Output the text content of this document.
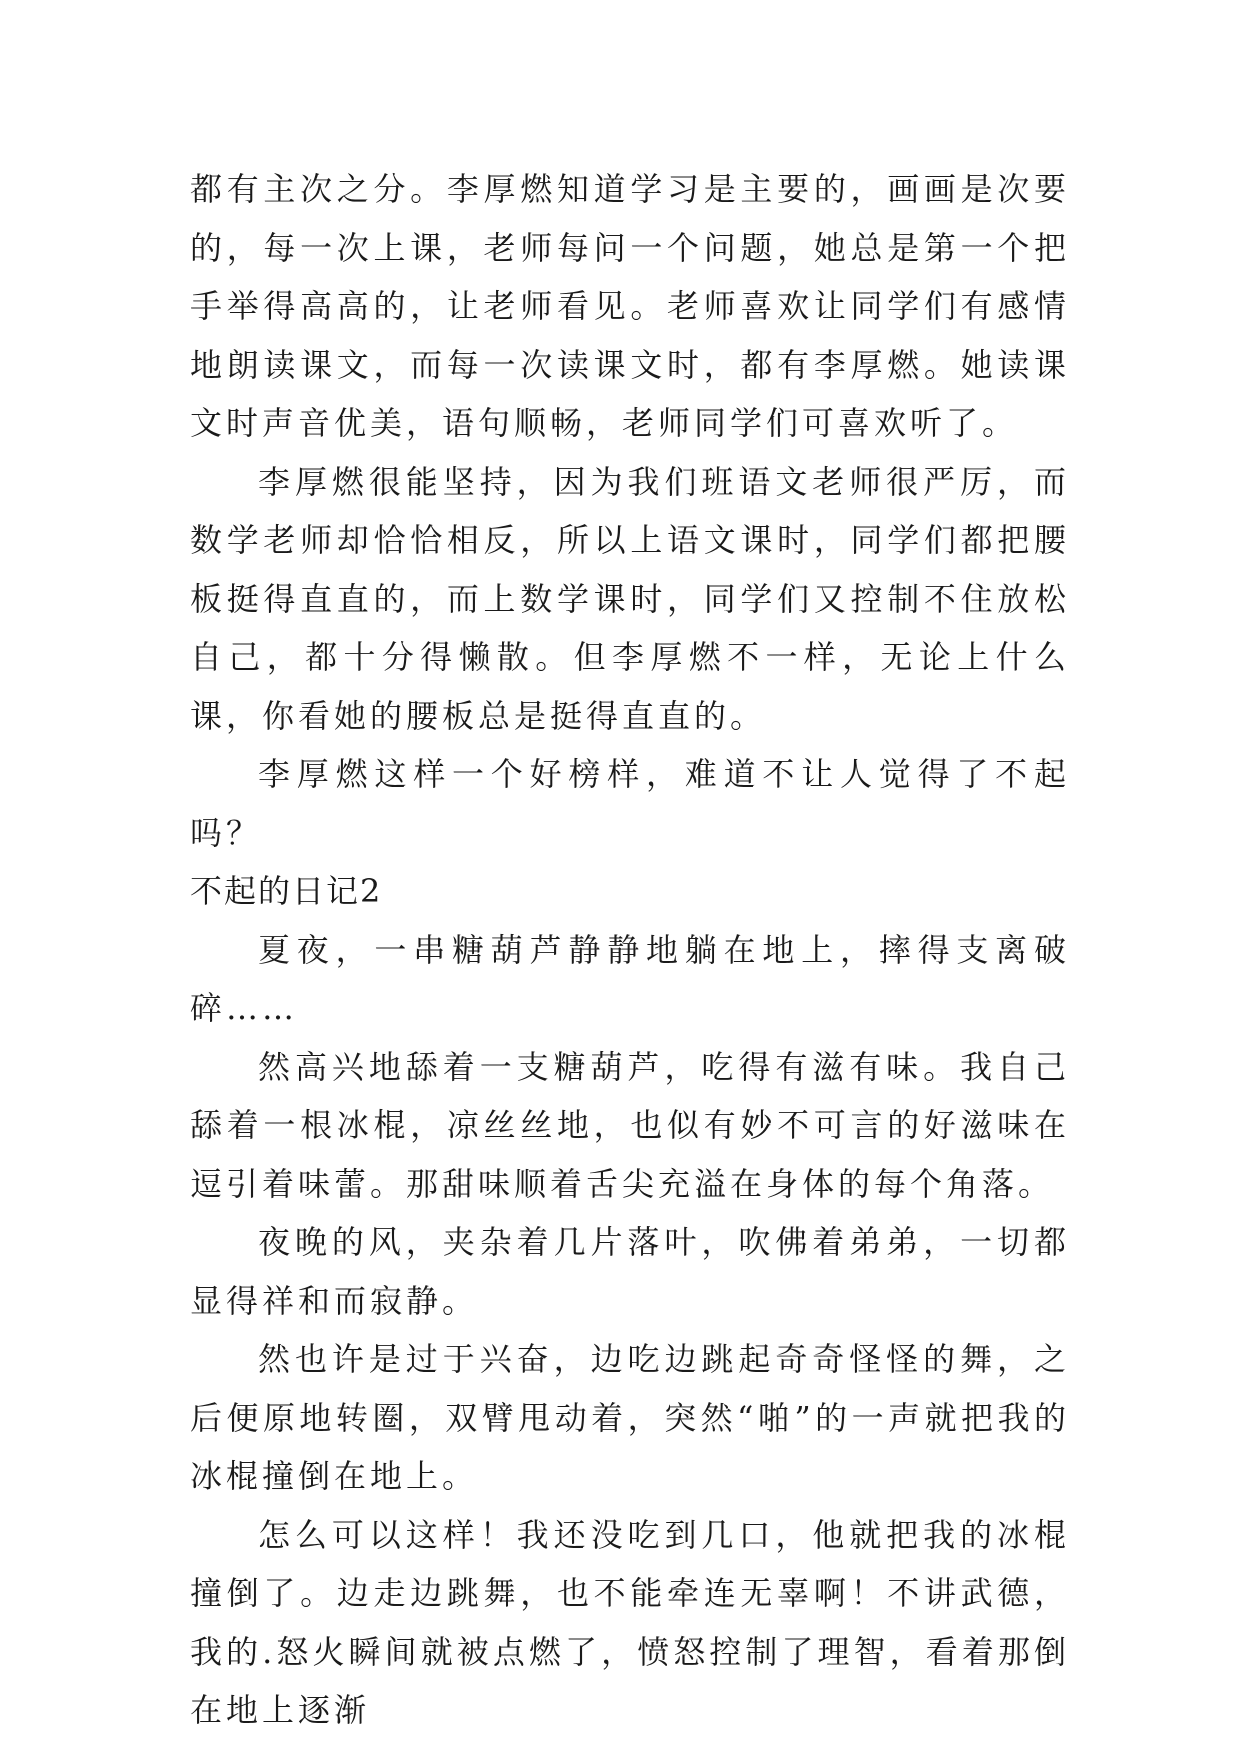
都有主次之分。李厚燃知道学习是主要的，画画是次要的，每一次上课，老师每问一个问题，她总是第一个把手举得高高的，让老师看见。老师喜欢让同学们有感情地朗读课文，而每一次读课文时，都有李厚燃。她读课文时声音优美，语句顺畅，老师同学们可喜欢听了。

李厚燃很能坚持，因为我们班语文老师很严厉，而数学老师却恰恰相反，所以上语文课时，同学们都把腰板挺得直直的，而上数学课时，同学们又控制不住放松自己，都十分得懒散。但李厚燃不一样，无论上什么课，你看她的腰板总是挺得直直的。

李厚燃这样一个好榜样，难道不让人觉得了不起吗？

不起的日记2

夏夜，一串糖葫芦静静地躺在地上，摔得支离破碎……

然高兴地舔着一支糖葫芦，吃得有滋有味。我自己舔着一根冰棍，凉丝丝地，也似有妙不可言的好滋味在逗引着味蕾。那甜味顺着舌尖充溢在身体的每个角落。

夜晚的风，夹杂着几片落叶，吹佛着弟弟，一切都显得祥和而寂静。

然也许是过于兴奋，边吃边跳起奇奇怪怪的舞，之后便原地转圈，双臂甩动着，突然“啪”的一声就把我的冰棍撞倒在地上。

怎么可以这样！我还没吃到几口，他就把我的冰棍撞倒了。边走边跳舞，也不能牵连无辜啊！不讲武德，我的.怒火瞬间就被点燃了，愤怒控制了理智，看着那倒在地上逐渐
